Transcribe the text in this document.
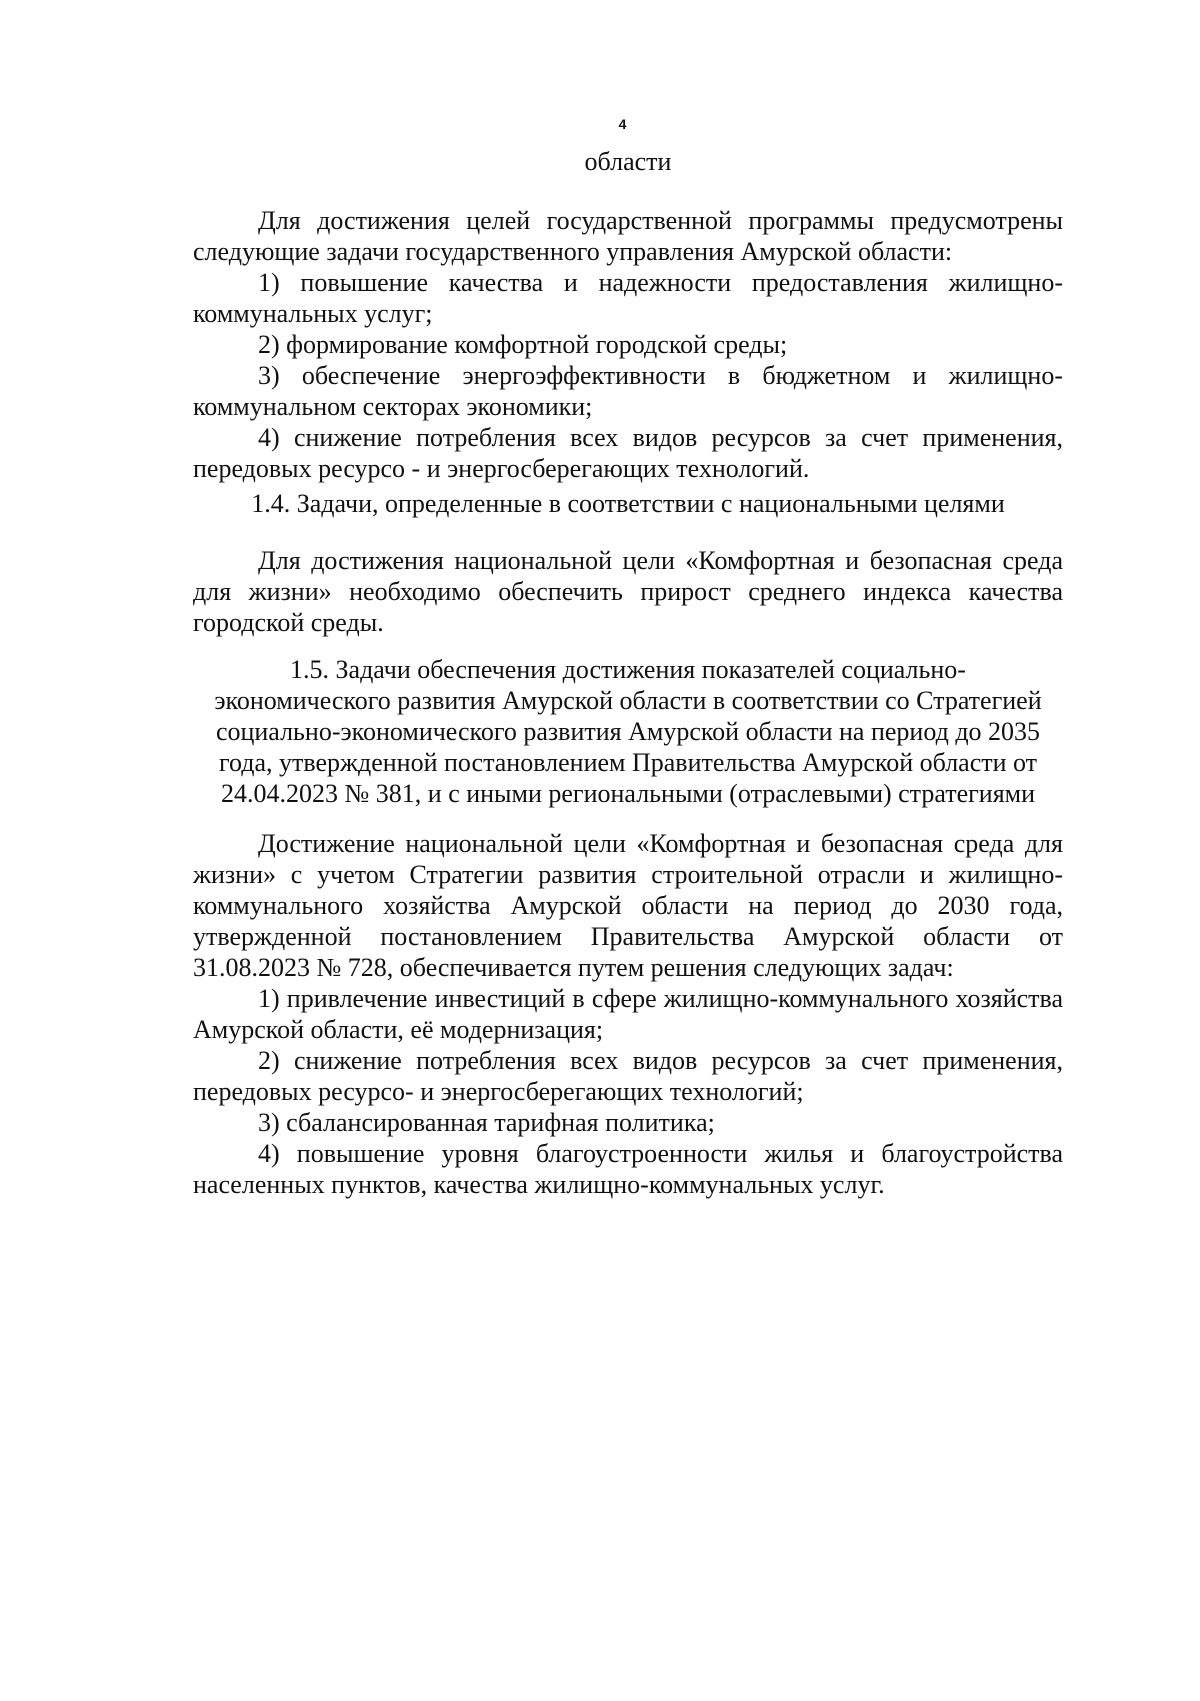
4
области

Для достижения целей государственной программы предусмотрены следующие задачи государственного управления Амурской области:

1) повышение качества и надежности предоставления жилищно-коммунальных услуг;

2) формирование комфортной городской среды;

3) обеспечение энергоэффективности в бюджетном и жилищно-коммунальном секторах экономики;

4) снижение потребления всех видов ресурсов за счет применения, передовых ресурсо - и энергосберегающих технологий.

1.4. Задачи, определенные в соответствии с национальными целями

Для достижения национальной цели «Комфортная и безопасная среда для жизни» необходимо обеспечить прирост среднего индекса качества городской среды.

1.5. Задачи обеспечения достижения показателей социально-

экономического развития Амурской области в соответствии со Стратегией

социально-экономического развития Амурской области на период до 2035

года, утвержденной постановлением Правительства Амурской области от

24.04.2023 № 381, и с иными региональными (отраслевыми) стратегиями

Достижение национальной цели «Комфортная и безопасная среда для жизни» с учетом Стратегии развития строительной отрасли и жилищно-коммунального хозяйства Амурской области на период до 2030 года, утвержденной постановлением Правительства Амурской области от 31.08.2023 № 728, обеспечивается путем решения следующих задач:

1) привлечение инвестиций в сфере жилищно-коммунального хозяйства Амурской области, её модернизация;

2) снижение потребления всех видов ресурсов за счет применения, передовых ресурсо- и энергосберегающих технологий;

3) сбалансированная тарифная политика;

4) повышение уровня благоустроенности жилья и благоустройства населенных пунктов, качества жилищно-коммунальных услуг.
